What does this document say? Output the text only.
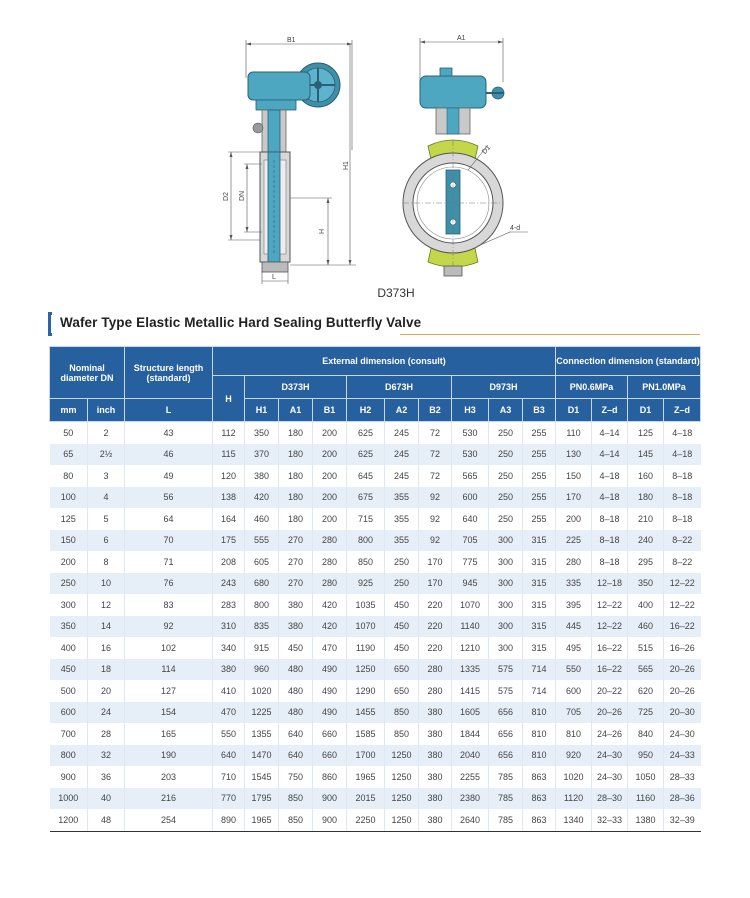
B1
D2 DN
H1
H
L
A1
D1
4-d
D373H
Wafer Type Elastic Metallic Hard Sealing Butterfly Valve
Nominal diameter DN		Structure length (standard)	External dimension (consult)										Connection dimension (standard)			
			H	D373H			D673H			D973H			PN0.6MPa		PN1.0MPa	
mm	inch	L		H1	A1	B1	H2	A2	B2	H3	A3	B3	D1	Z–d	D1	Z–d
50	2	43	112	350	180	200	625	245	72	530	250	255	110	4–14	125	4–18
65	2½	46	115	370	180	200	625	245	72	530	250	255	130	4–14	145	4–18
80	3	49	120	380	180	200	645	245	72	565	250	255	150	4–18	160	8–18
100	4	56	138	420	180	200	675	355	92	600	250	255	170	4–18	180	8–18
125	5	64	164	460	180	200	715	355	92	640	250	255	200	8–18	210	8–18
150	6	70	175	555	270	280	800	355	92	705	300	315	225	8–18	240	8–22
200	8	71	208	605	270	280	850	250	170	775	300	315	280	8–18	295	8–22
250	10	76	243	680	270	280	925	250	170	945	300	315	335	12–18	350	12–22
300	12	83	283	800	380	420	1035	450	220	1070	300	315	395	12–22	400	12–22
350	14	92	310	835	380	420	1070	450	220	1140	300	315	445	12–22	460	16–22
400	16	102	340	915	450	470	1190	450	220	1210	300	315	495	16–22	515	16–26
450	18	114	380	960	480	490	1250	650	280	1335	575	714	550	16–22	565	20–26
500	20	127	410	1020	480	490	1290	650	280	1415	575	714	600	20–22	620	20–26
600	24	154	470	1225	480	490	1455	850	380	1605	656	810	705	20–26	725	20–30
700	28	165	550	1355	640	660	1585	850	380	1844	656	810	810	24–26	840	24–30
800	32	190	640	1470	640	660	1700	1250	380	2040	656	810	920	24–30	950	24–33
900	36	203	710	1545	750	860	1965	1250	380	2255	785	863	1020	24–30	1050	28–33
1000	40	216	770	1795	850	900	2015	1250	380	2380	785	863	1120	28–30	1160	28–36
1200	48	254	890	1965	850	900	2250	1250	380	2640	785	863	1340	32–33	1380	32–39
